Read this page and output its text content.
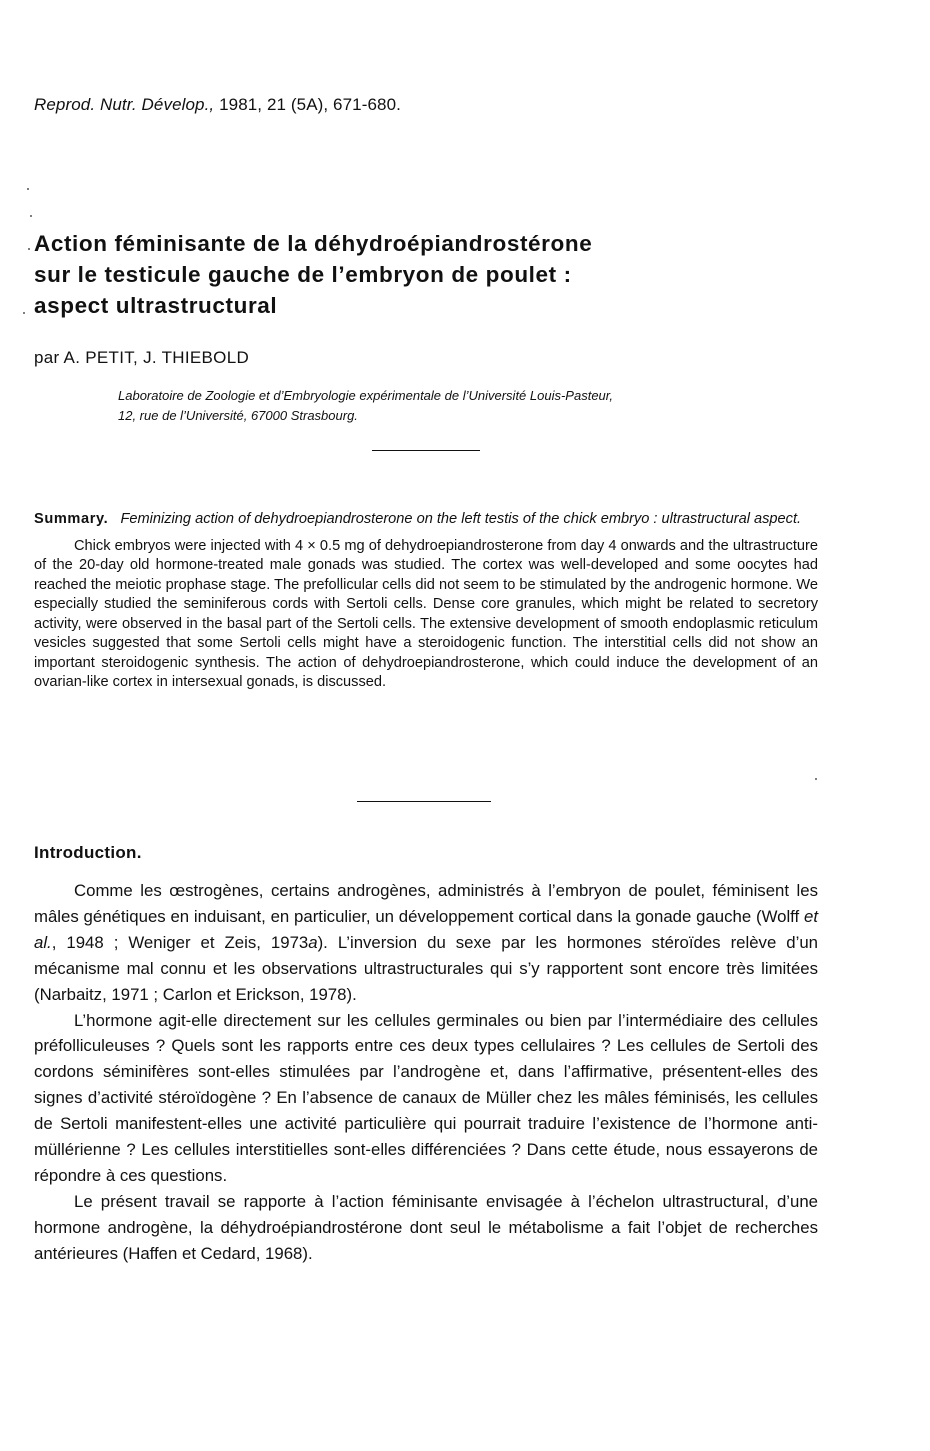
Reprod. Nutr. Dévelop., 1981, 21 (5A), 671-680.
Action féminisante de la déhydroépiandrostérone
sur le testicule gauche de l’embryon de poulet :
aspect ultrastructural
par A. PETIT, J. THIEBOLD
Laboratoire de Zoologie et d’Embryologie expérimentale de l’Université Louis-Pasteur,
12, rue de l’Université, 67000 Strasbourg.
Summary. Feminizing action of dehydroepiandrosterone on the left testis of the chick embryo : ultrastructural aspect.
Chick embryos were injected with 4 × 0.5 mg of dehydroepiandrosterone from day 4 onwards and the ultrastructure of the 20-day old hormone-treated male gonads was studied. The cortex was well-developed and some oocytes had reached the meiotic prophase stage. The prefollicular cells did not seem to be stimulated by the androgenic hormone. We especially studied the seminiferous cords with Sertoli cells. Dense core granules, which might be related to secretory activity, were observed in the basal part of the Sertoli cells. The extensive development of smooth endoplasmic reticulum vesicles suggested that some Sertoli cells might have a steroidogenic function. The interstitial cells did not show an important steroidogenic synthesis. The action of dehydroepiandrosterone, which could induce the development of an ovarian-like cortex in intersexual gonads, is discussed.
Introduction.

Comme les œstrogènes, certains androgènes, administrés à l’embryon de poulet, féminisent les mâles génétiques en induisant, en particulier, un développement cortical dans la gonade gauche (Wolff et al., 1948 ; Weniger et Zeis, 1973a). L’inversion du sexe par les hormones stéroïdes relève d’un mécanisme mal connu et les observations ultrastructurales qui s’y rapportent sont encore très limitées (Narbaitz, 1971 ; Carlon et Erickson, 1978).

L’hormone agit-elle directement sur les cellules germinales ou bien par l’intermédiaire des cellules préfolliculeuses ? Quels sont les rapports entre ces deux types cellulaires ? Les cellules de Sertoli des cordons séminifères sont-elles stimulées par l’androgène et, dans l’affirmative, présentent-elles des signes d’activité stéroïdogène ? En l’absence de canaux de Müller chez les mâles féminisés, les cellules de Sertoli manifestent-elles une activité particulière qui pourrait traduire l’existence de l’hormone anti-müllérienne ? Les cellules interstitielles sont-elles différenciées ? Dans cette étude, nous essayerons de répondre à ces questions.

Le présent travail se rapporte à l’action féminisante envisagée à l’échelon ultrastructural, d’une hormone androgène, la déhydroépiandrostérone dont seul le métabolisme a fait l’objet de recherches antérieures (Haffen et Cedard, 1968).
